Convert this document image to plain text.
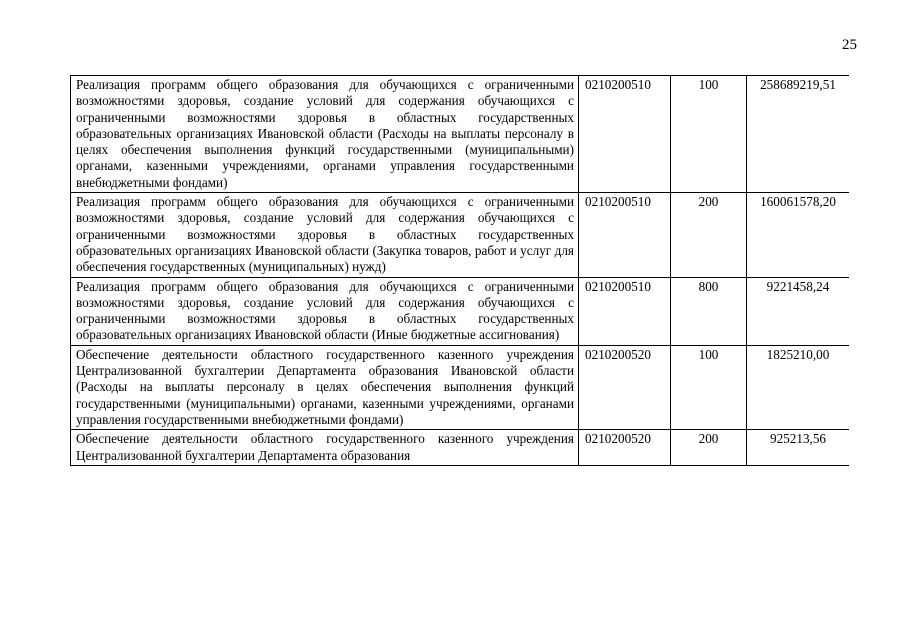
25
Реализация программ общего образования для обучающихся с ограниченными возможностями здоровья, создание условий для содержания обучающихся с ограниченными возможностями здоровья в областных государственных образовательных организациях Ивановской области (Расходы на выплаты персоналу в целях обеспечения выполнения функций государственными (муниципальными) органами, казенными учреждениями, органами управления государственными внебюджетными фондами)	0210200510	100	258689219,51
Реализация программ общего образования для обучающихся с ограниченными возможностями здоровья, создание условий для содержания обучающихся с ограниченными возможностями здоровья в областных государственных образовательных организациях Ивановской области (Закупка товаров, работ и услуг для обеспечения государственных (муниципальных) нужд)	0210200510	200	160061578,20
Реализация программ общего образования для обучающихся с ограниченными возможностями здоровья, создание условий для содержания обучающихся с ограниченными возможностями здоровья в областных государственных образовательных организациях Ивановской области (Иные бюджетные ассигнования)	0210200510	800	9221458,24
Обеспечение деятельности областного государственного казенного учреждения Централизованной бухгалтерии Департамента образования Ивановской области (Расходы на выплаты персоналу в целях обеспечения выполнения функций государственными (муниципальными) органами, казенными учреждениями, органами управления государственными внебюджетными фондами)	0210200520	100	1825210,00
Обеспечение деятельности областного государственного казенного учреждения Централизованной бухгалтерии Департамента образования	0210200520	200	925213,56
